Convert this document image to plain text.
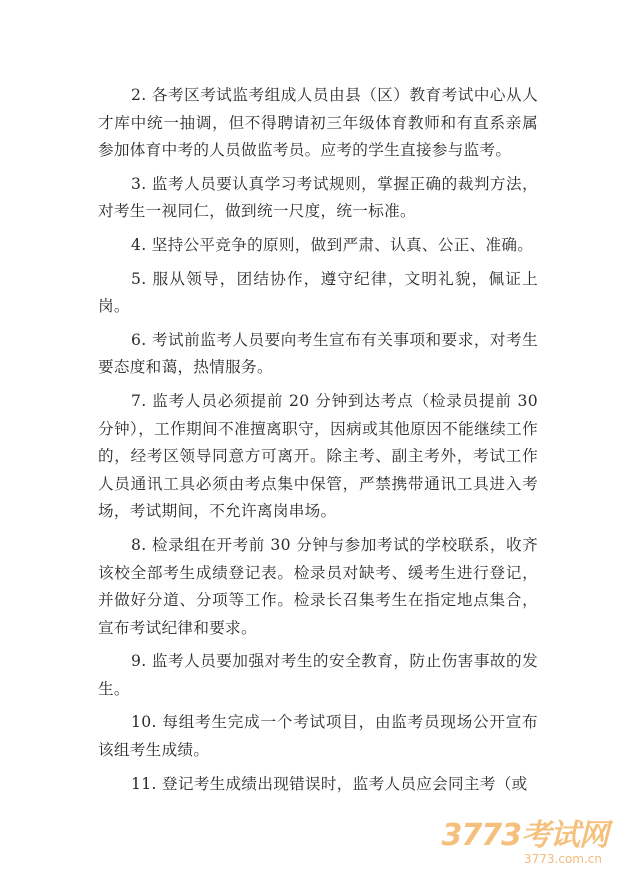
2. 各考区考试监考组成人员由县（区）教育考试中心从人才库中统一抽调，但不得聘请初三年级体育教师和有直系亲属参加体育中考的人员做监考员。应考的学生直接参与监考。

3. 监考人员要认真学习考试规则，掌握正确的裁判方法，对考生一视同仁，做到统一尺度，统一标准。

4. 坚持公平竞争的原则，做到严肃、认真、公正、准确。

5. 服从领导，团结协作，遵守纪律，文明礼貌，佩证上岗。

6. 考试前监考人员要向考生宣布有关事项和要求，对考生要态度和蔼，热情服务。

7. 监考人员必须提前 20 分钟到达考点（检录员提前 30 分钟），工作期间不准擅离职守，因病或其他原因不能继续工作的，经考区领导同意方可离开。除主考、副主考外，考试工作人员通讯工具必须由考点集中保管，严禁携带通讯工具进入考场，考试期间，不允许离岗串场。

8. 检录组在开考前 30 分钟与参加考试的学校联系，收齐该校全部考生成绩登记表。检录员对缺考、缓考生进行登记，并做好分道、分项等工作。检录长召集考生在指定地点集合，宣布考试纪律和要求。

9. 监考人员要加强对考生的安全教育，防止伤害事故的发生。

10. 每组考生完成一个考试项目，由监考员现场公开宣布该组考生成绩。

11. 登记考生成绩出现错误时，监考人员应会同主考（或

3773考试网
3773.com.cn
